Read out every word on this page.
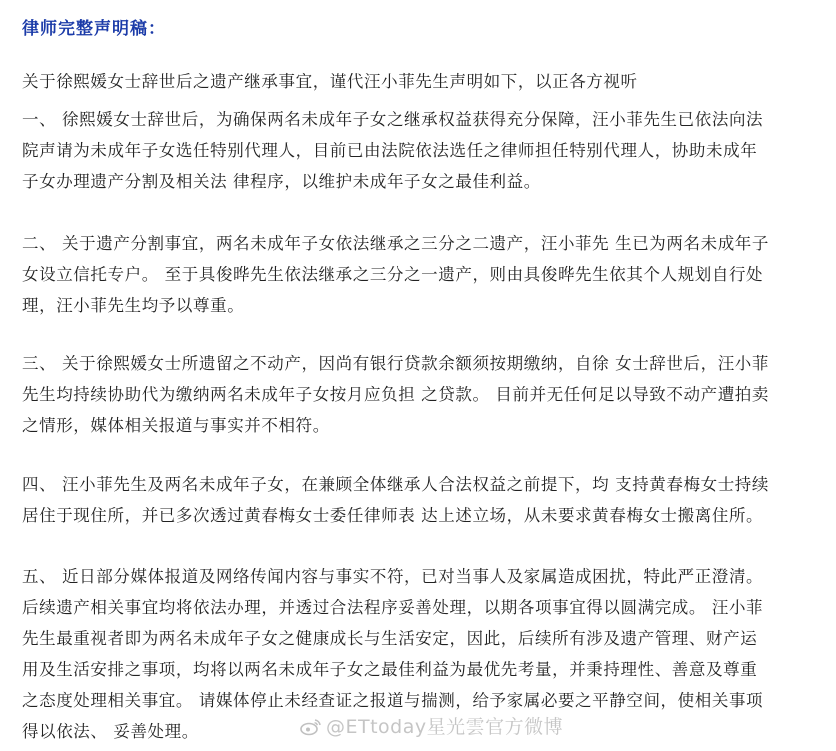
律师完整声明稿：

关于徐熙媛女士辞世后之遗产继承事宜，谨代汪小菲先生声明如下，以正各方视听

一、 徐熙媛女士辞世后，为确保两名未成年子女之继承权益获得充分保障，汪小菲先生已依法向法
院声请为未成年子女选任特别代理人，目前已由法院依法选任之律师担任特别代理人，协助未成年
子女办理遗产分割及相关法 律程序，以维护未成年子女之最佳利益。

二、 关于遗产分割事宜，两名未成年子女依法继承之三分之二遗产，汪小菲先 生已为两名未成年子
女设立信托专户。 至于具俊晔先生依法继承之三分之一遗产，则由具俊晔先生依其个人规划自行处
理，汪小菲先生均予以尊重。

三、 关于徐熙媛女士所遗留之不动产，因尚有银行贷款余额须按期缴纳，自徐 女士辞世后，汪小菲
先生均持续协助代为缴纳两名未成年子女按月应负担 之贷款。 目前并无任何足以导致不动产遭拍卖
之情形，媒体相关报道与事实并不相符。

四、 汪小菲先生及两名未成年子女，在兼顾全体继承人合法权益之前提下，均 支持黄春梅女士持续
居住于现住所，并已多次透过黄春梅女士委任律师表 达上述立场，从未要求黄春梅女士搬离住所。

五、 近日部分媒体报道及网络传闻内容与事实不符，已对当事人及家属造成困扰，特此严正澄清。
后续遗产相关事宜均将依法办理，并透过合法程序妥善处理，以期各项事宜得以圆满完成。 汪小菲
先生最重视者即为两名未成年子女之健康成长与生活安定，因此，后续所有涉及遗产管理、财产运
用及生活安排之事项，均将以两名未成年子女之最佳利益为最优先考量，并秉持理性、善意及尊重
之态度处理相关事宜。 请媒体停止未经查证之报道与揣测，给予家属必要之平静空间，使相关事项
得以依法、 妥善处理。	@ETtoday星光雲官方微博
